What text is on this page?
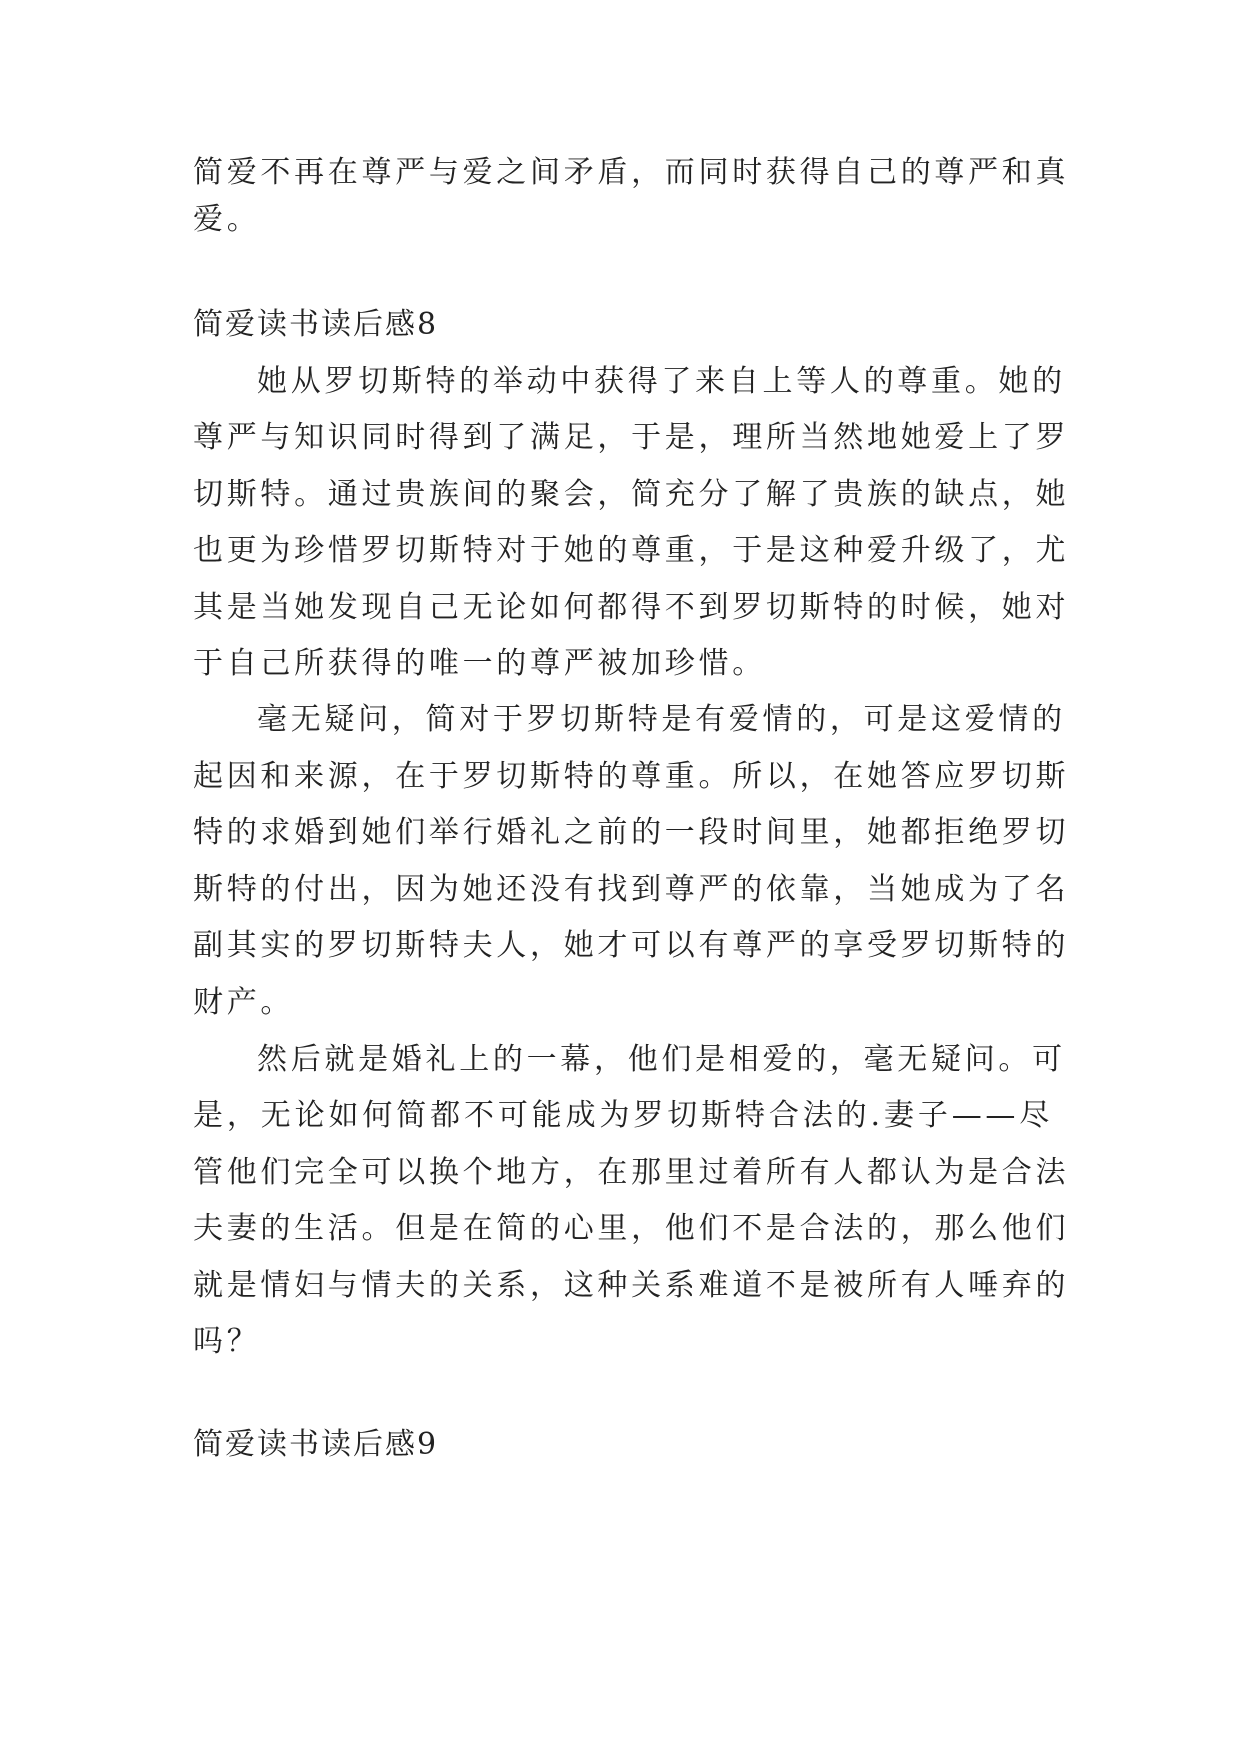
简爱不再在尊严与爱之间矛盾，而同时获得自己的尊严和真

爱。

简爱读书读后感8

她从罗切斯特的举动中获得了来自上等人的尊重。她的

尊严与知识同时得到了满足，于是，理所当然地她爱上了罗

切斯特。通过贵族间的聚会，简充分了解了贵族的缺点，她

也更为珍惜罗切斯特对于她的尊重，于是这种爱升级了，尤

其是当她发现自己无论如何都得不到罗切斯特的时候，她对

于自己所获得的唯一的尊严被加珍惜。

毫无疑问，简对于罗切斯特是有爱情的，可是这爱情的

起因和来源，在于罗切斯特的尊重。所以，在她答应罗切斯

特的求婚到她们举行婚礼之前的一段时间里，她都拒绝罗切

斯特的付出，因为她还没有找到尊严的依靠，当她成为了名

副其实的罗切斯特夫人，她才可以有尊严的享受罗切斯特的

财产。

然后就是婚礼上的一幕，他们是相爱的，毫无疑问。可

是，无论如何简都不可能成为罗切斯特合法的.妻子——尽

管他们完全可以换个地方，在那里过着所有人都认为是合法

夫妻的生活。但是在简的心里，他们不是合法的，那么他们

就是情妇与情夫的关系，这种关系难道不是被所有人唾弃的

吗？

简爱读书读后感9
